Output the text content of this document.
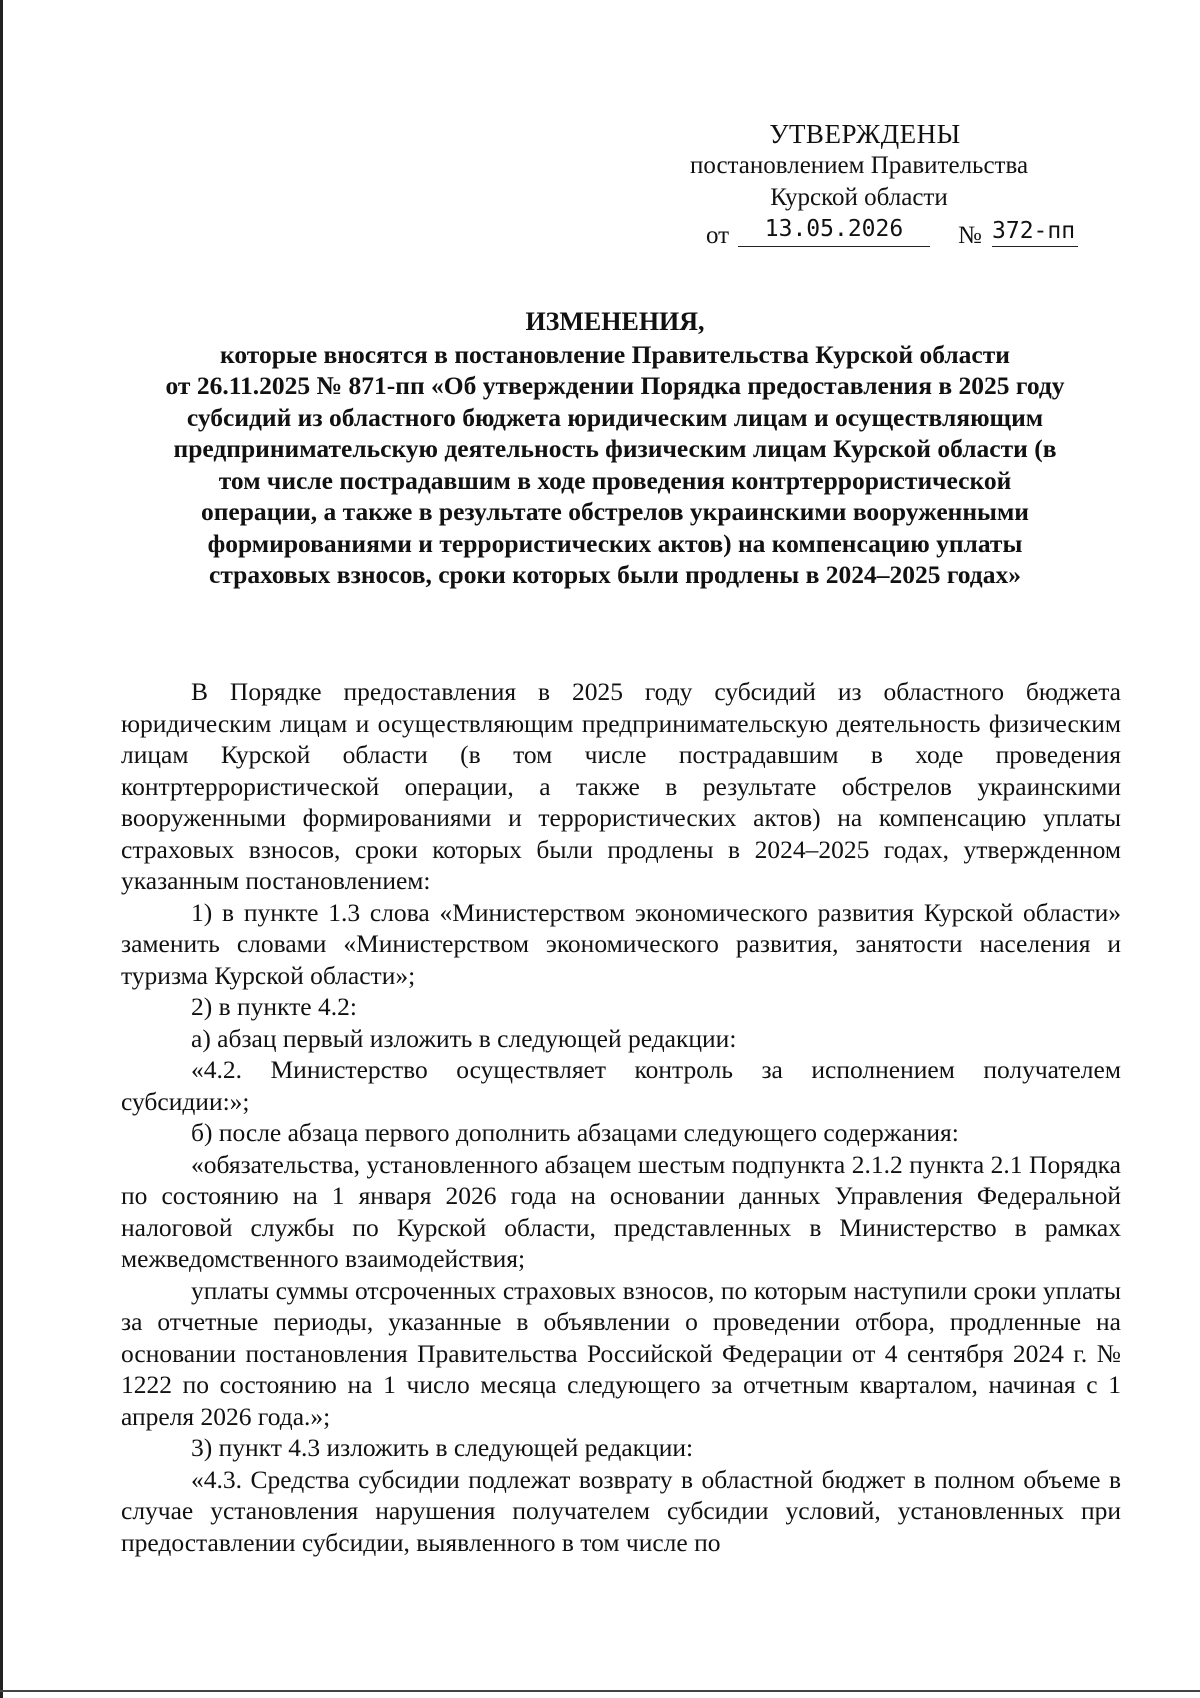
УТВЕРЖДЕНЫ
постановлением Правительства
Курской области
от	13.05.2026	№ 372-пп
ИЗМЕНЕНИЯ,
которые вносятся в постановление Правительства Курской области
от 26.11.2025 № 871-пп «Об утверждении Порядка предоставления в 2025 году
субсидий из областного бюджета юридическим лицам и осуществляющим
предпринимательскую деятельность физическим лицам Курской области (в
том числе пострадавшим в ходе проведения контртеррористической
операции, а также в результате обстрелов украинскими вооруженными
формированиями и террористических актов) на компенсацию уплаты
страховых взносов, сроки которых были продлены в 2024–2025 годах»

В Порядке предоставления в 2025 году субсидий из областного бюджета юридическим лицам и осуществляющим предпринимательскую деятельность физическим лицам Курской области (в том числе пострадавшим в ходе проведения контртеррористической операции, а также в результате обстрелов украинскими вооруженными формированиями и террористических актов) на компенсацию уплаты страховых взносов, сроки которых были продлены в 2024–2025 годах, утвержденном указанным постановлением:

1) в пункте 1.3 слова «Министерством экономического развития Курской области» заменить словами «Министерством экономического развития, занятости населения и туризма Курской области»;

2) в пункте 4.2:

а) абзац первый изложить в следующей редакции:

«4.2. Министерство осуществляет контроль за исполнением получателем субсидии:»;

б) после абзаца первого дополнить абзацами следующего содержания:

«обязательства, установленного абзацем шестым подпункта 2.1.2 пункта 2.1 Порядка по состоянию на 1 января 2026 года на основании данных Управления Федеральной налоговой службы по Курской области, представленных в Министерство в рамках межведомственного взаимодействия;

уплаты суммы отсроченных страховых взносов, по которым наступили сроки уплаты за отчетные периоды, указанные в объявлении о проведении отбора, продленные на основании постановления Правительства Российской Федерации от 4 сентября 2024 г. № 1222 по состоянию на 1 число месяца следующего за отчетным кварталом, начиная с 1 апреля 2026 года.»;

3) пункт 4.3 изложить в следующей редакции:

«4.3. Средства субсидии подлежат возврату в областной бюджет в полном объеме в случае установления нарушения получателем субсидии условий, установленных при предоставлении субсидии, выявленного в том числе по
